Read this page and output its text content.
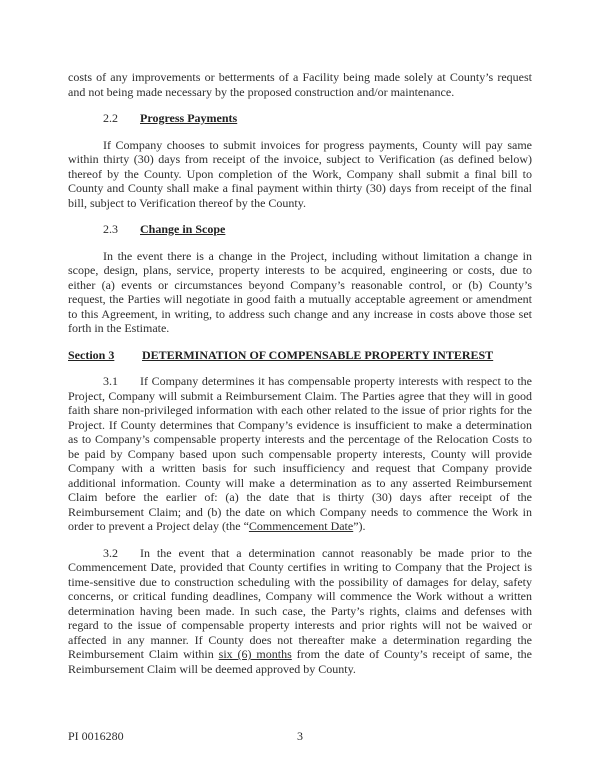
costs of any improvements or betterments of a Facility being made solely at County’s request and not being made necessary by the proposed construction and/or maintenance.

2.2 Progress Payments

If Company chooses to submit invoices for progress payments, County will pay same within thirty (30) days from receipt of the invoice, subject to Verification (as defined below) thereof by the County. Upon completion of the Work, Company shall submit a final bill to County and County shall make a final payment within thirty (30) days from receipt of the final bill, subject to Verification thereof by the County.

2.3 Change in Scope

In the event there is a change in the Project, including without limitation a change in scope, design, plans, service, property interests to be acquired, engineering or costs, due to either (a) events or circumstances beyond Company’s reasonable control, or (b) County’s request, the Parties will negotiate in good faith a mutually acceptable agreement or amendment to this Agreement, in writing, to address such change and any increase in costs above those set forth in the Estimate.

Section 3 DETERMINATION OF COMPENSABLE PROPERTY INTEREST

3.1 If Company determines it has compensable property interests with respect to the Project, Company will submit a Reimbursement Claim. The Parties agree that they will in good faith share non-privileged information with each other related to the issue of prior rights for the Project. If County determines that Company’s evidence is insufficient to make a determination as to Company’s compensable property interests and the percentage of the Relocation Costs to be paid by Company based upon such compensable property interests, County will provide Company with a written basis for such insufficiency and request that Company provide additional information. County will make a determination as to any asserted Reimbursement Claim before the earlier of: (a) the date that is thirty (30) days after receipt of the Reimbursement Claim; and (b) the date on which Company needs to commence the Work in order to prevent a Project delay (the “Commencement Date”).

3.2 In the event that a determination cannot reasonably be made prior to the Commencement Date, provided that County certifies in writing to Company that the Project is time-sensitive due to construction scheduling with the possibility of damages for delay, safety concerns, or critical funding deadlines, Company will commence the Work without a written determination having been made. In such case, the Party’s rights, claims and defenses with regard to the issue of compensable property interests and prior rights will not be waived or affected in any manner. If County does not thereafter make a determination regarding the Reimbursement Claim within six (6) months from the date of County’s receipt of same, the Reimbursement Claim will be deemed approved by County.

3
PI 0016280
